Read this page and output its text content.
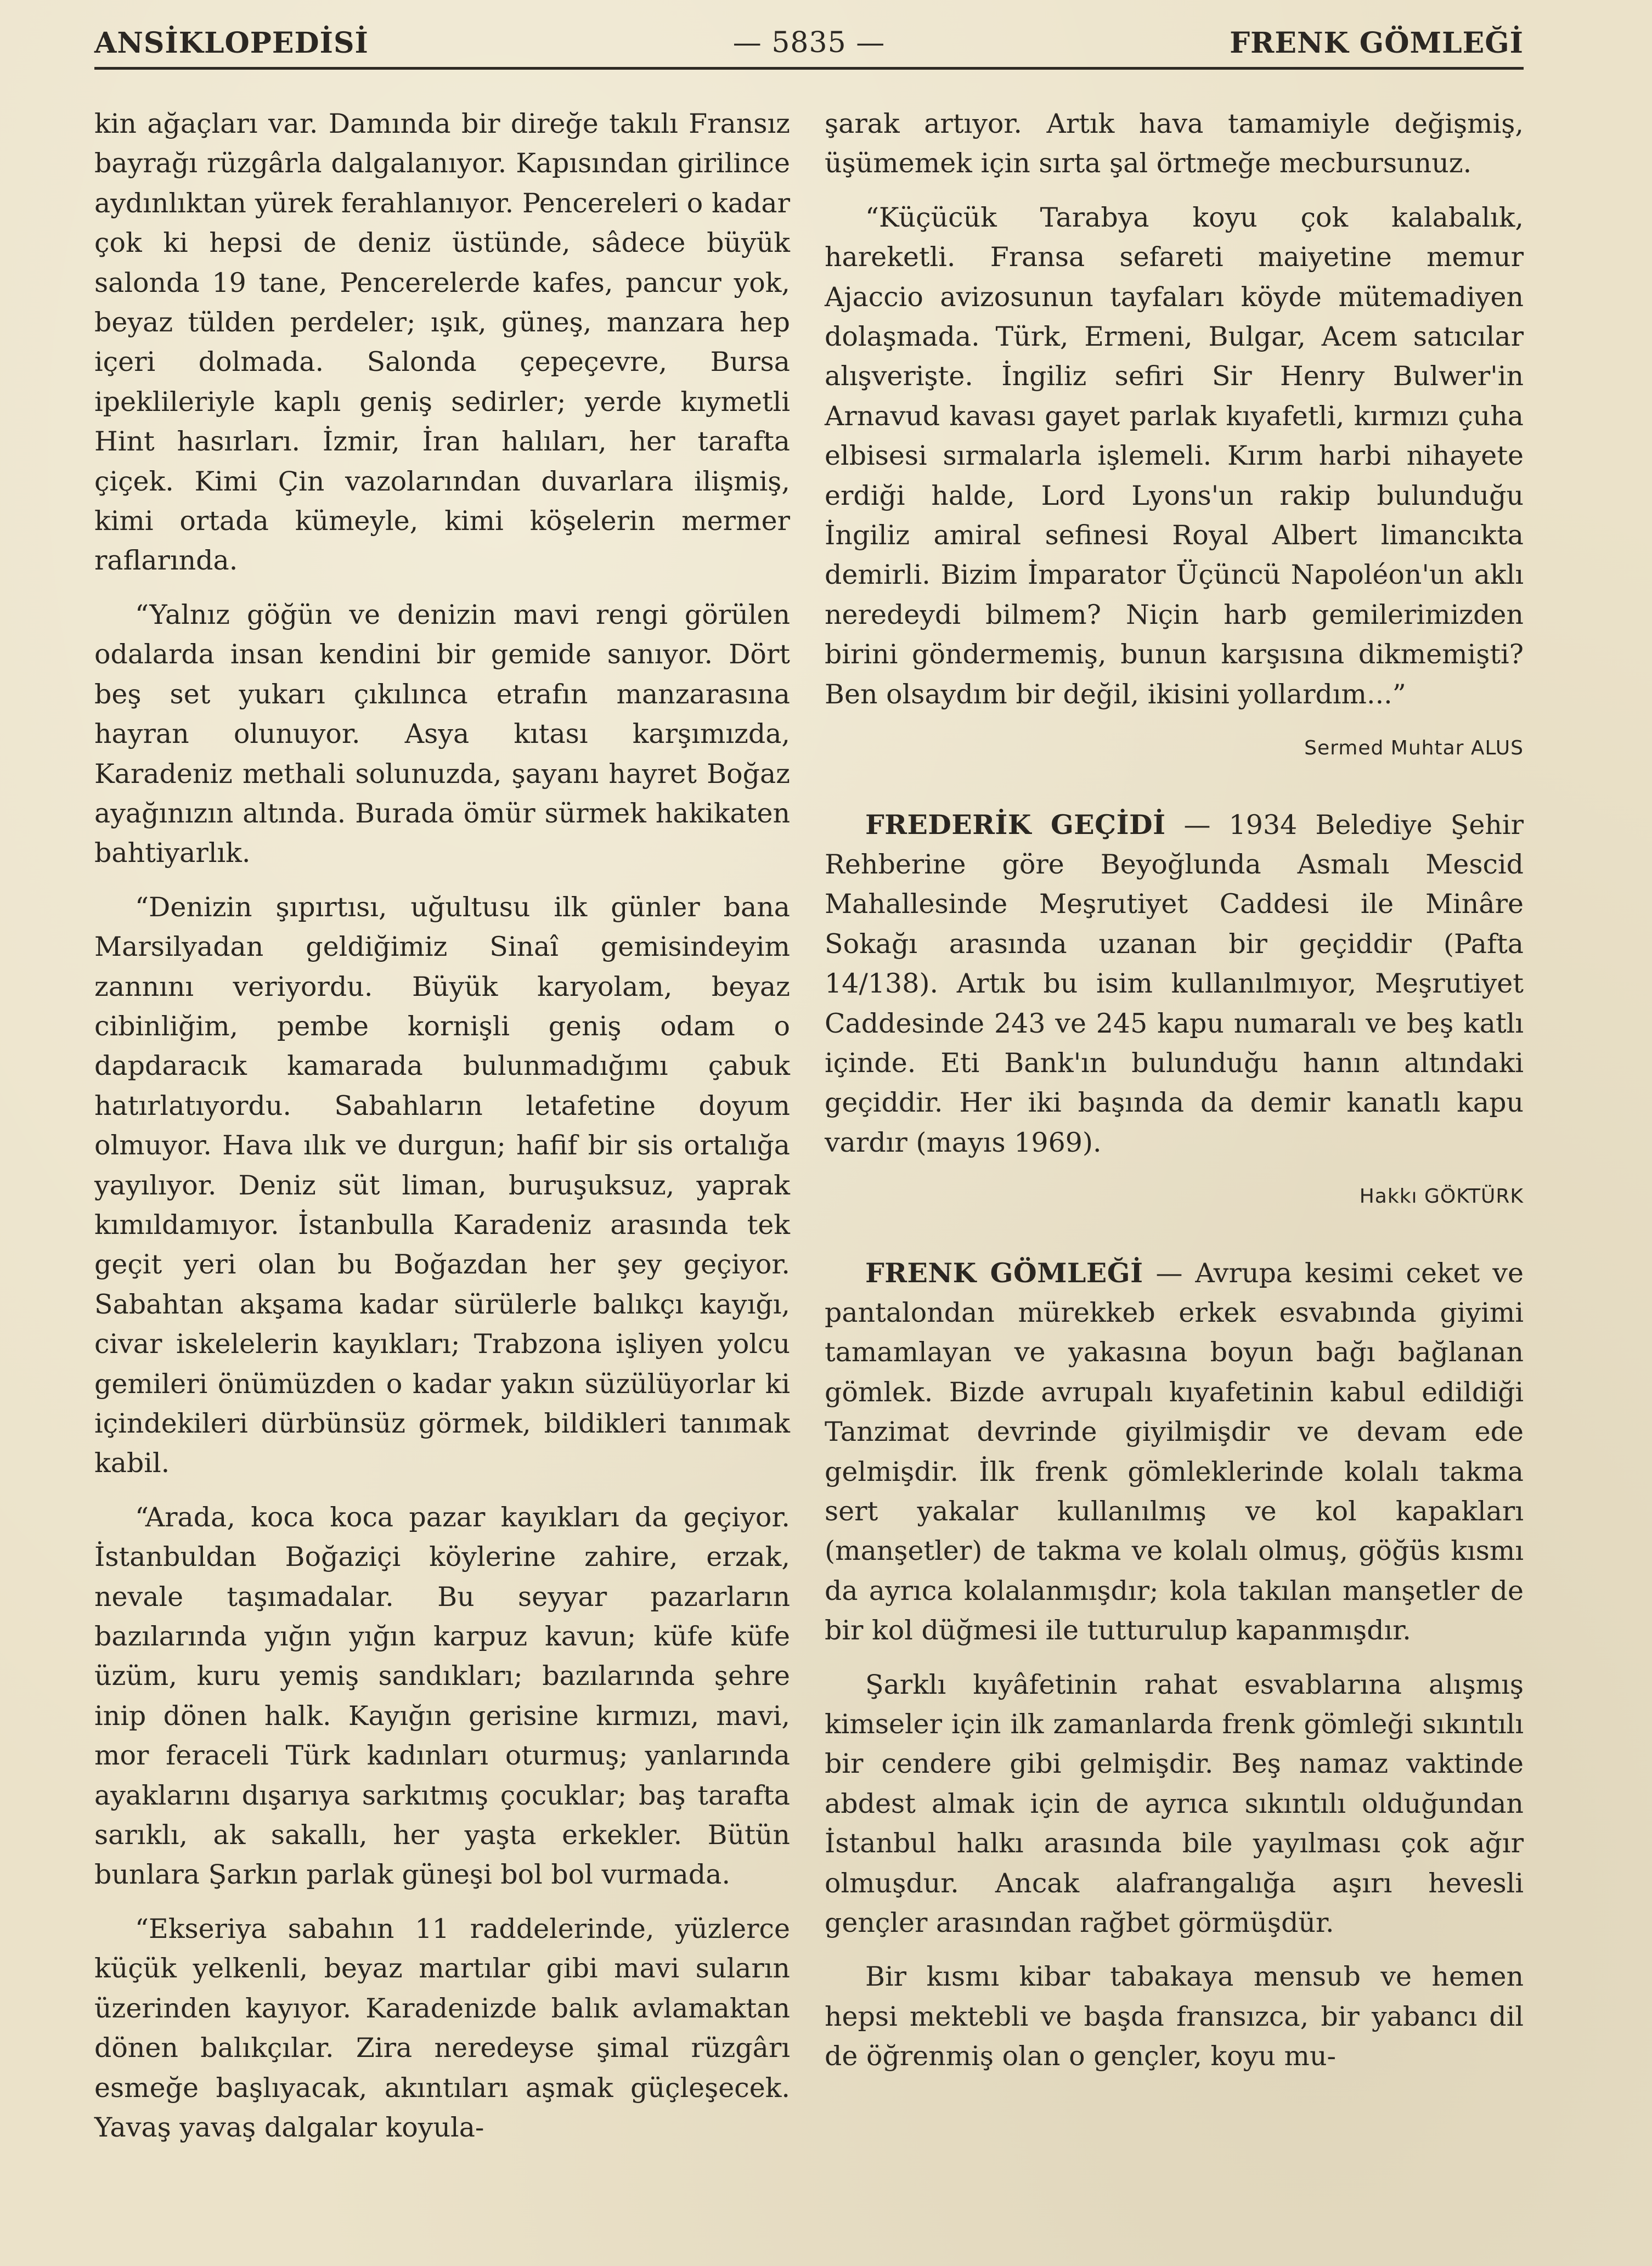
ANSİKLOPEDİSİ	— 5835 —	FRENK GÖMLEĞİ

kin ağaçları var. Damında bir direğe takılı Fransız bayrağı rüzgârla dalgalanıyor. Kapısından girilince aydınlıktan yürek ferahlanıyor. Pencereleri o kadar çok ki hepsi de deniz üstünde, sâdece büyük salonda 19 tane, Pencerelerde kafes, pancur yok, beyaz tülden perdeler; ışık, güneş, manzara hep içeri dolmada. Salonda çepeçevre, Bursa ipeklileriyle kaplı geniş sedirler; yerde kıymetli Hint hasırları. İzmir, İran halıları, her tarafta çiçek. Kimi Çin vazolarından duvarlara ilişmiş, kimi ortada kümeyle, kimi köşelerin mermer raflarında.

“Yalnız göğün ve denizin mavi rengi görülen odalarda insan kendini bir gemide sanıyor. Dört beş set yukarı çıkılınca etrafın manzarasına hayran olunuyor. Asya kıtası karşımızda, Karadeniz methali solunuzda, şayanı hayret Boğaz ayağınızın altında. Burada ömür sürmek hakikaten bahtiyarlık.

“Denizin şıpırtısı, uğultusu ilk günler bana Marsilyadan geldiğimiz Sinaî gemisindeyim zannını veriyordu. Büyük karyolam, beyaz cibinliğim, pembe kornişli geniş odam o dapdaracık kamarada bulunmadığımı çabuk hatırlatıyordu. Sabahların letafetine doyum olmuyor. Hava ılık ve durgun; hafif bir sis ortalığa yayılıyor. Deniz süt liman, buruşuksuz, yaprak kımıldamıyor. İstanbulla Karadeniz arasında tek geçit yeri olan bu Boğazdan her şey geçiyor. Sabahtan akşama kadar sürülerle balıkçı kayığı, civar iskelelerin kayıkları; Trabzona işliyen yolcu gemileri önümüzden o kadar yakın süzülüyorlar ki içindekileri dürbünsüz görmek, bildikleri tanımak kabil.

“Arada, koca koca pazar kayıkları da geçiyor. İstanbuldan Boğaziçi köylerine zahire, erzak, nevale taşımadalar. Bu seyyar pazarların bazılarında yığın yığın karpuz kavun; küfe küfe üzüm, kuru yemiş sandıkları; bazılarında şehre inip dönen halk. Kayığın gerisine kırmızı, mavi, mor feraceli Türk kadınları oturmuş; yanlarında ayaklarını dışarıya sarkıtmış çocuklar; baş tarafta sarıklı, ak sakallı, her yaşta erkekler. Bütün bunlara Şarkın parlak güneşi bol bol vurmada.

“Ekseriya sabahın 11 raddelerinde, yüzlerce küçük yelkenli, beyaz martılar gibi mavi suların üzerinden kayıyor. Karadenizde balık avlamaktan dönen balıkçılar. Zira neredeyse şimal rüzgârı esmeğe başlıyacak, akıntıları aşmak güçleşecek. Yavaş yavaş dalgalar koyula-

şarak artıyor. Artık hava tamamiyle değişmiş, üşümemek için sırta şal örtmeğe mecbursunuz.

“Küçücük Tarabya koyu çok kalabalık, hareketli. Fransa sefareti maiyetine memur Ajaccio avizosunun tayfaları köyde mütemadiyen dolaşmada. Türk, Ermeni, Bulgar, Acem satıcılar alışverişte. İngiliz sefiri Sir Henry Bulwer'in Arnavud kavası gayet parlak kıyafetli, kırmızı çuha elbisesi sırmalarla işlemeli. Kırım harbi nihayete erdiği halde, Lord Lyons'un rakip bulunduğu İngiliz amiral sefinesi Royal Albert limancıkta demirli. Bizim İmparator Üçüncü Napoléon'un aklı neredeydi bilmem? Niçin harb gemilerimizden birini göndermemiş, bunun karşısına dikmemişti? Ben olsaydım bir değil, ikisini yollardım...”

Sermed Muhtar ALUS

FREDERİK GEÇİDİ — 1934 Belediye Şehir Rehberine göre Beyoğlunda Asmalı Mescid Mahallesinde Meşrutiyet Caddesi ile Minâre Sokağı arasında uzanan bir geçiddir (Pafta 14/138). Artık bu isim kullanılmıyor, Meşrutiyet Caddesinde 243 ve 245 kapu numaralı ve beş katlı içinde. Eti Bank'ın bulunduğu hanın altındaki geçiddir. Her iki başında da demir kanatlı kapu vardır (mayıs 1969).

Hakkı GÖKTÜRK

FRENK GÖMLEĞİ — Avrupa kesimi ceket ve pantalondan mürekkeb erkek esvabında giyimi tamamlayan ve yakasına boyun bağı bağlanan gömlek. Bizde avrupalı kıyafetinin kabul edildiği Tanzimat devrinde giyilmişdir ve devam ede gelmişdir. İlk frenk gömleklerinde kolalı takma sert yakalar kullanılmış ve kol kapakları (manşetler) de takma ve kolalı olmuş, göğüs kısmı da ayrıca kolalanmışdır; kola takılan manşetler de bir kol düğmesi ile tutturulup kapanmışdır.

Şarklı kıyâfetinin rahat esvablarına alışmış kimseler için ilk zamanlarda frenk gömleği sıkıntılı bir cendere gibi gelmişdir. Beş namaz vaktinde abdest almak için de ayrıca sıkıntılı olduğundan İstanbul halkı arasında bile yayılması çok ağır olmuşdur. Ancak alafrangalığa aşırı hevesli gençler arasından rağbet görmüşdür.

Bir kısmı kibar tabakaya mensub ve hemen hepsi mektebli ve başda fransızca, bir yabancı dil de öğrenmiş olan o gençler, koyu mu-
